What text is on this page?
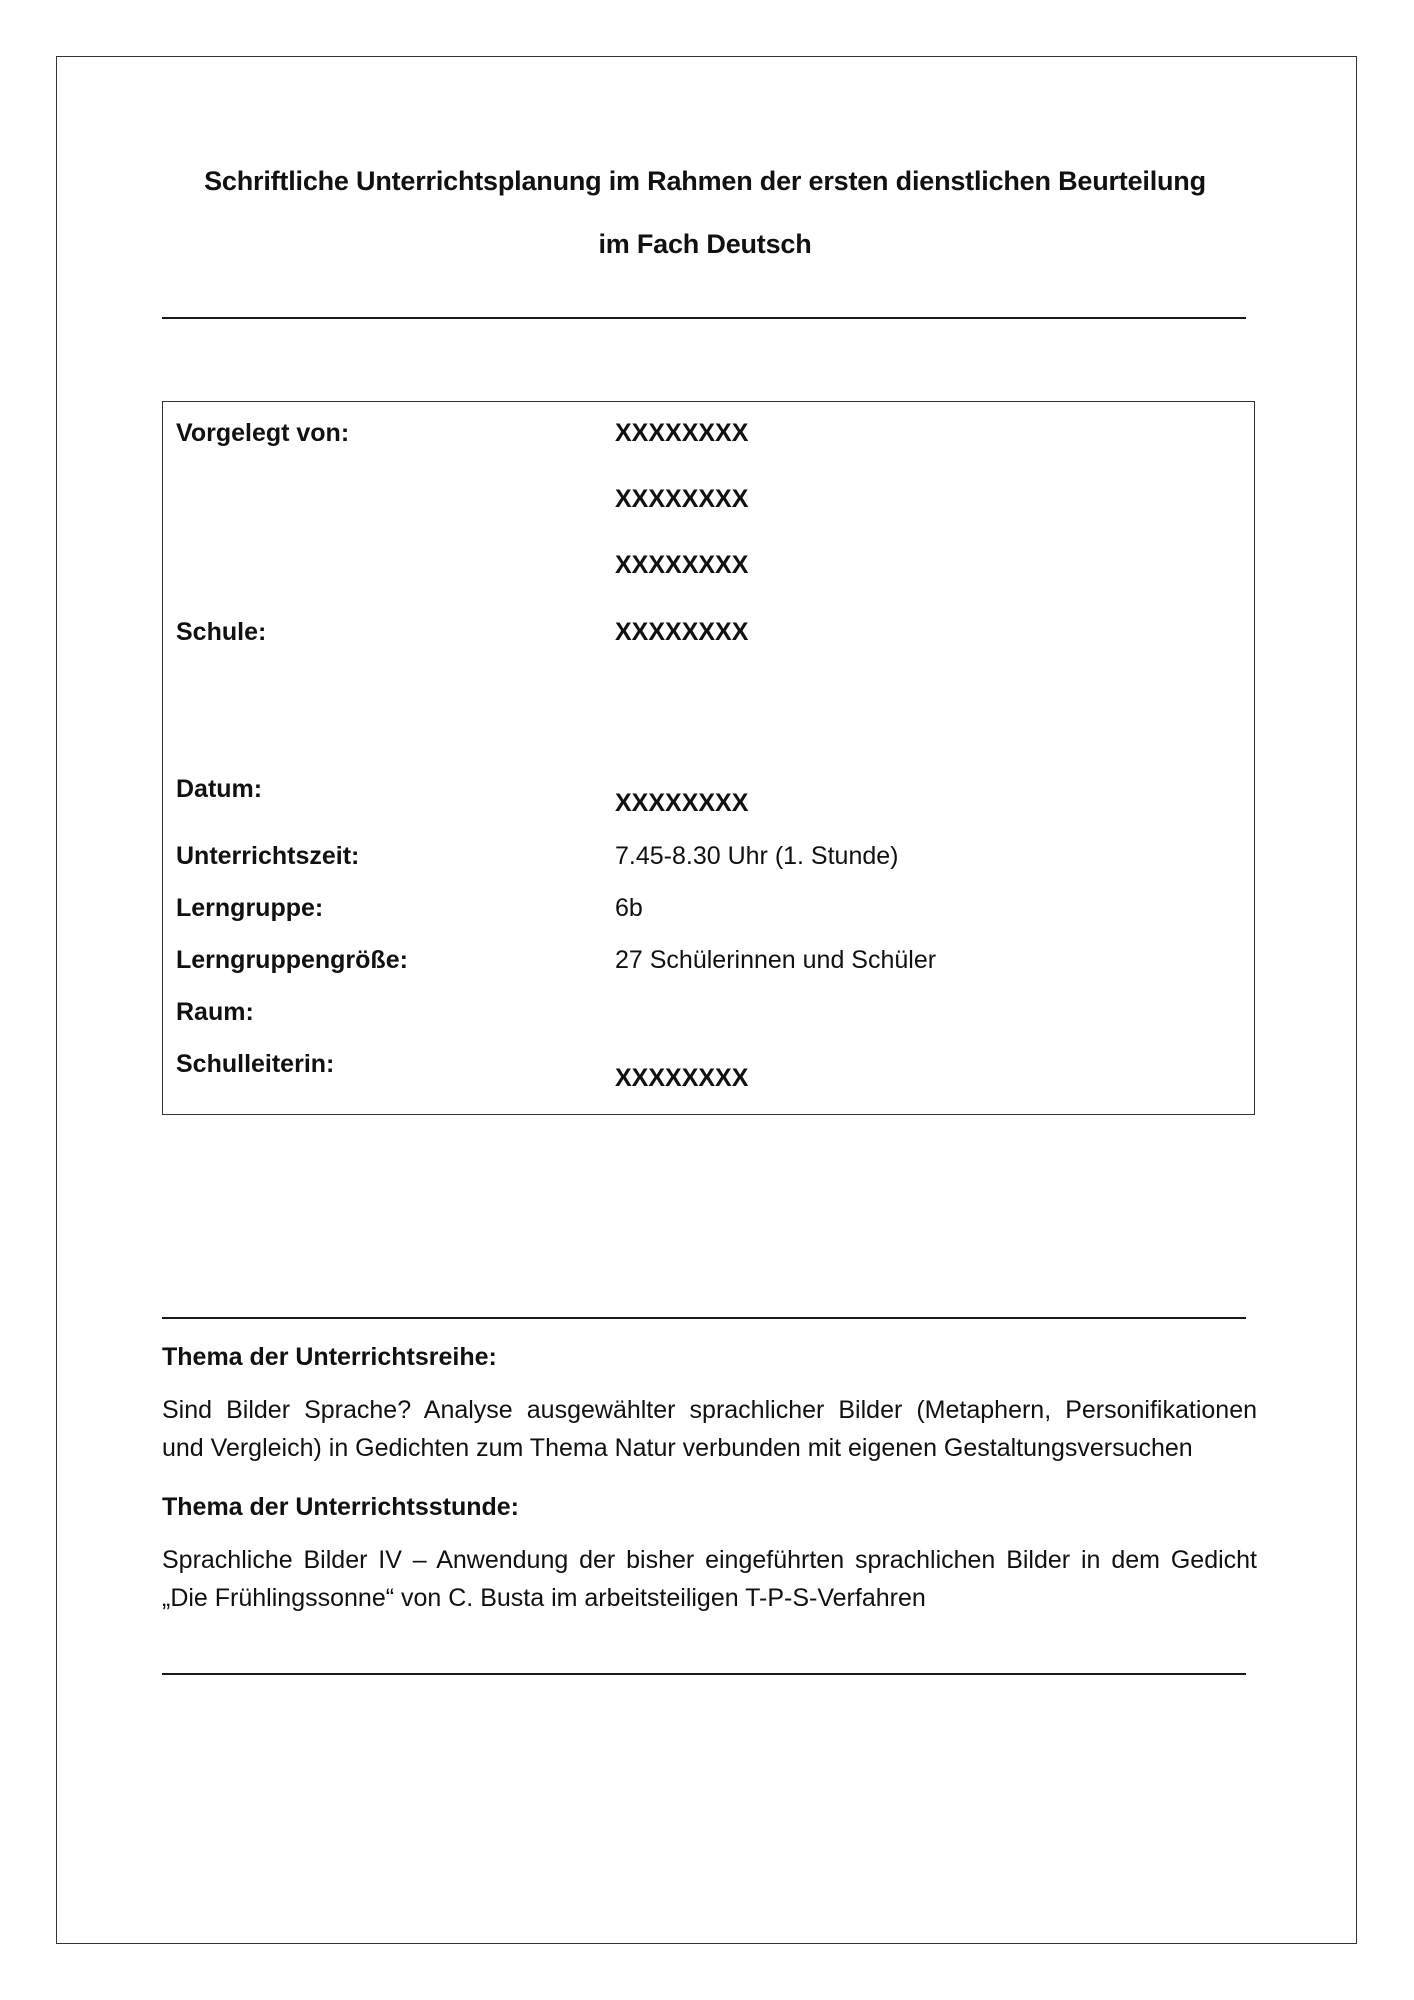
Schriftliche Unterrichtsplanung im Rahmen der ersten dienstlichen Beurteilung
im Fach Deutsch
Vorgelegt von:	XXXXXXXX
XXXXXXXX
XXXXXXXX
Schule:	XXXXXXXX
Datum:	XXXXXXXX
Unterrichtszeit:	7.45-8.30 Uhr (1. Stunde)
Lerngruppe:	6b
Lerngruppengröße:	27 Schülerinnen und Schüler
Raum:
Schulleiterin:	XXXXXXXX
Thema der Unterrichtsreihe:

Sind Bilder Sprache? Analyse ausgewählter sprachlicher Bilder (Metaphern, Personifikationen
und Vergleich) in Gedichten zum Thema Natur verbunden mit eigenen Gestaltungsversuchen

Thema der Unterrichtsstunde:

Sprachliche Bilder IV – Anwendung der bisher eingeführten sprachlichen Bilder in dem Gedicht
„Die Frühlingssonne“ von C. Busta im arbeitsteiligen T-P-S-Verfahren
